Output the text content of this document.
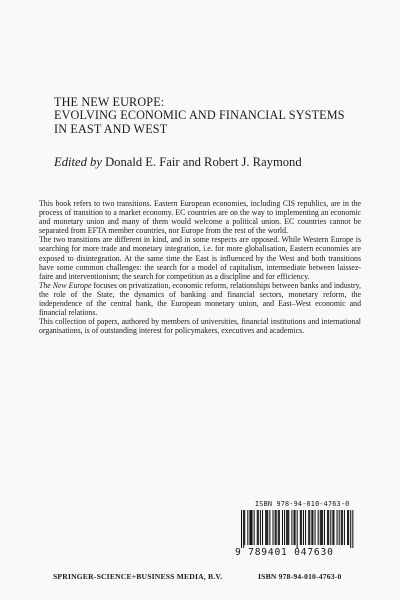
THE NEW EUROPE:
EVOLVING ECONOMIC AND FINANCIAL SYSTEMS
IN EAST AND WEST
Edited by Donald E. Fair and Robert J. Raymond

This book refers to two transitions. Eastern European economies, including CIS republics, are in the process of transition to a market economy. EC countries are on the way to implementing an economic and monetary union and many of them would welcome a political union. EC countries cannot be separated from EFTA member countries, nor Europe from the rest of the world.

The two transitions are different in kind, and in some respects are opposed. While Western Europe is searching for more trade and monetary integration, i.e. for more globalisation, Eastern economies are exposed to disintegration. At the same time the East is influenced by the West and both transitions have some common challenges: the search for a model of capitalism, intermediate between laissez-faire and interventionism; the search for competition as a discipline and for efficiency.

The New Europe focuses on privatization, economic reform, relationships between banks and industry, the role of the State, the dynamics of banking and financial sectors, monetary reform, the independence of the central bank, the European monetary union, and East–West economic and financial relations.

This collection of papers, authored by members of universities, financial institutions and international organisations, is of outstanding interest for policymakers, executives and academics.

ISBN 978-94-010-4763-0
9 789401 047630
SPRINGER-SCIENCE+BUSINESS MEDIA, B.V.	ISBN 978-94-010-4763-0
